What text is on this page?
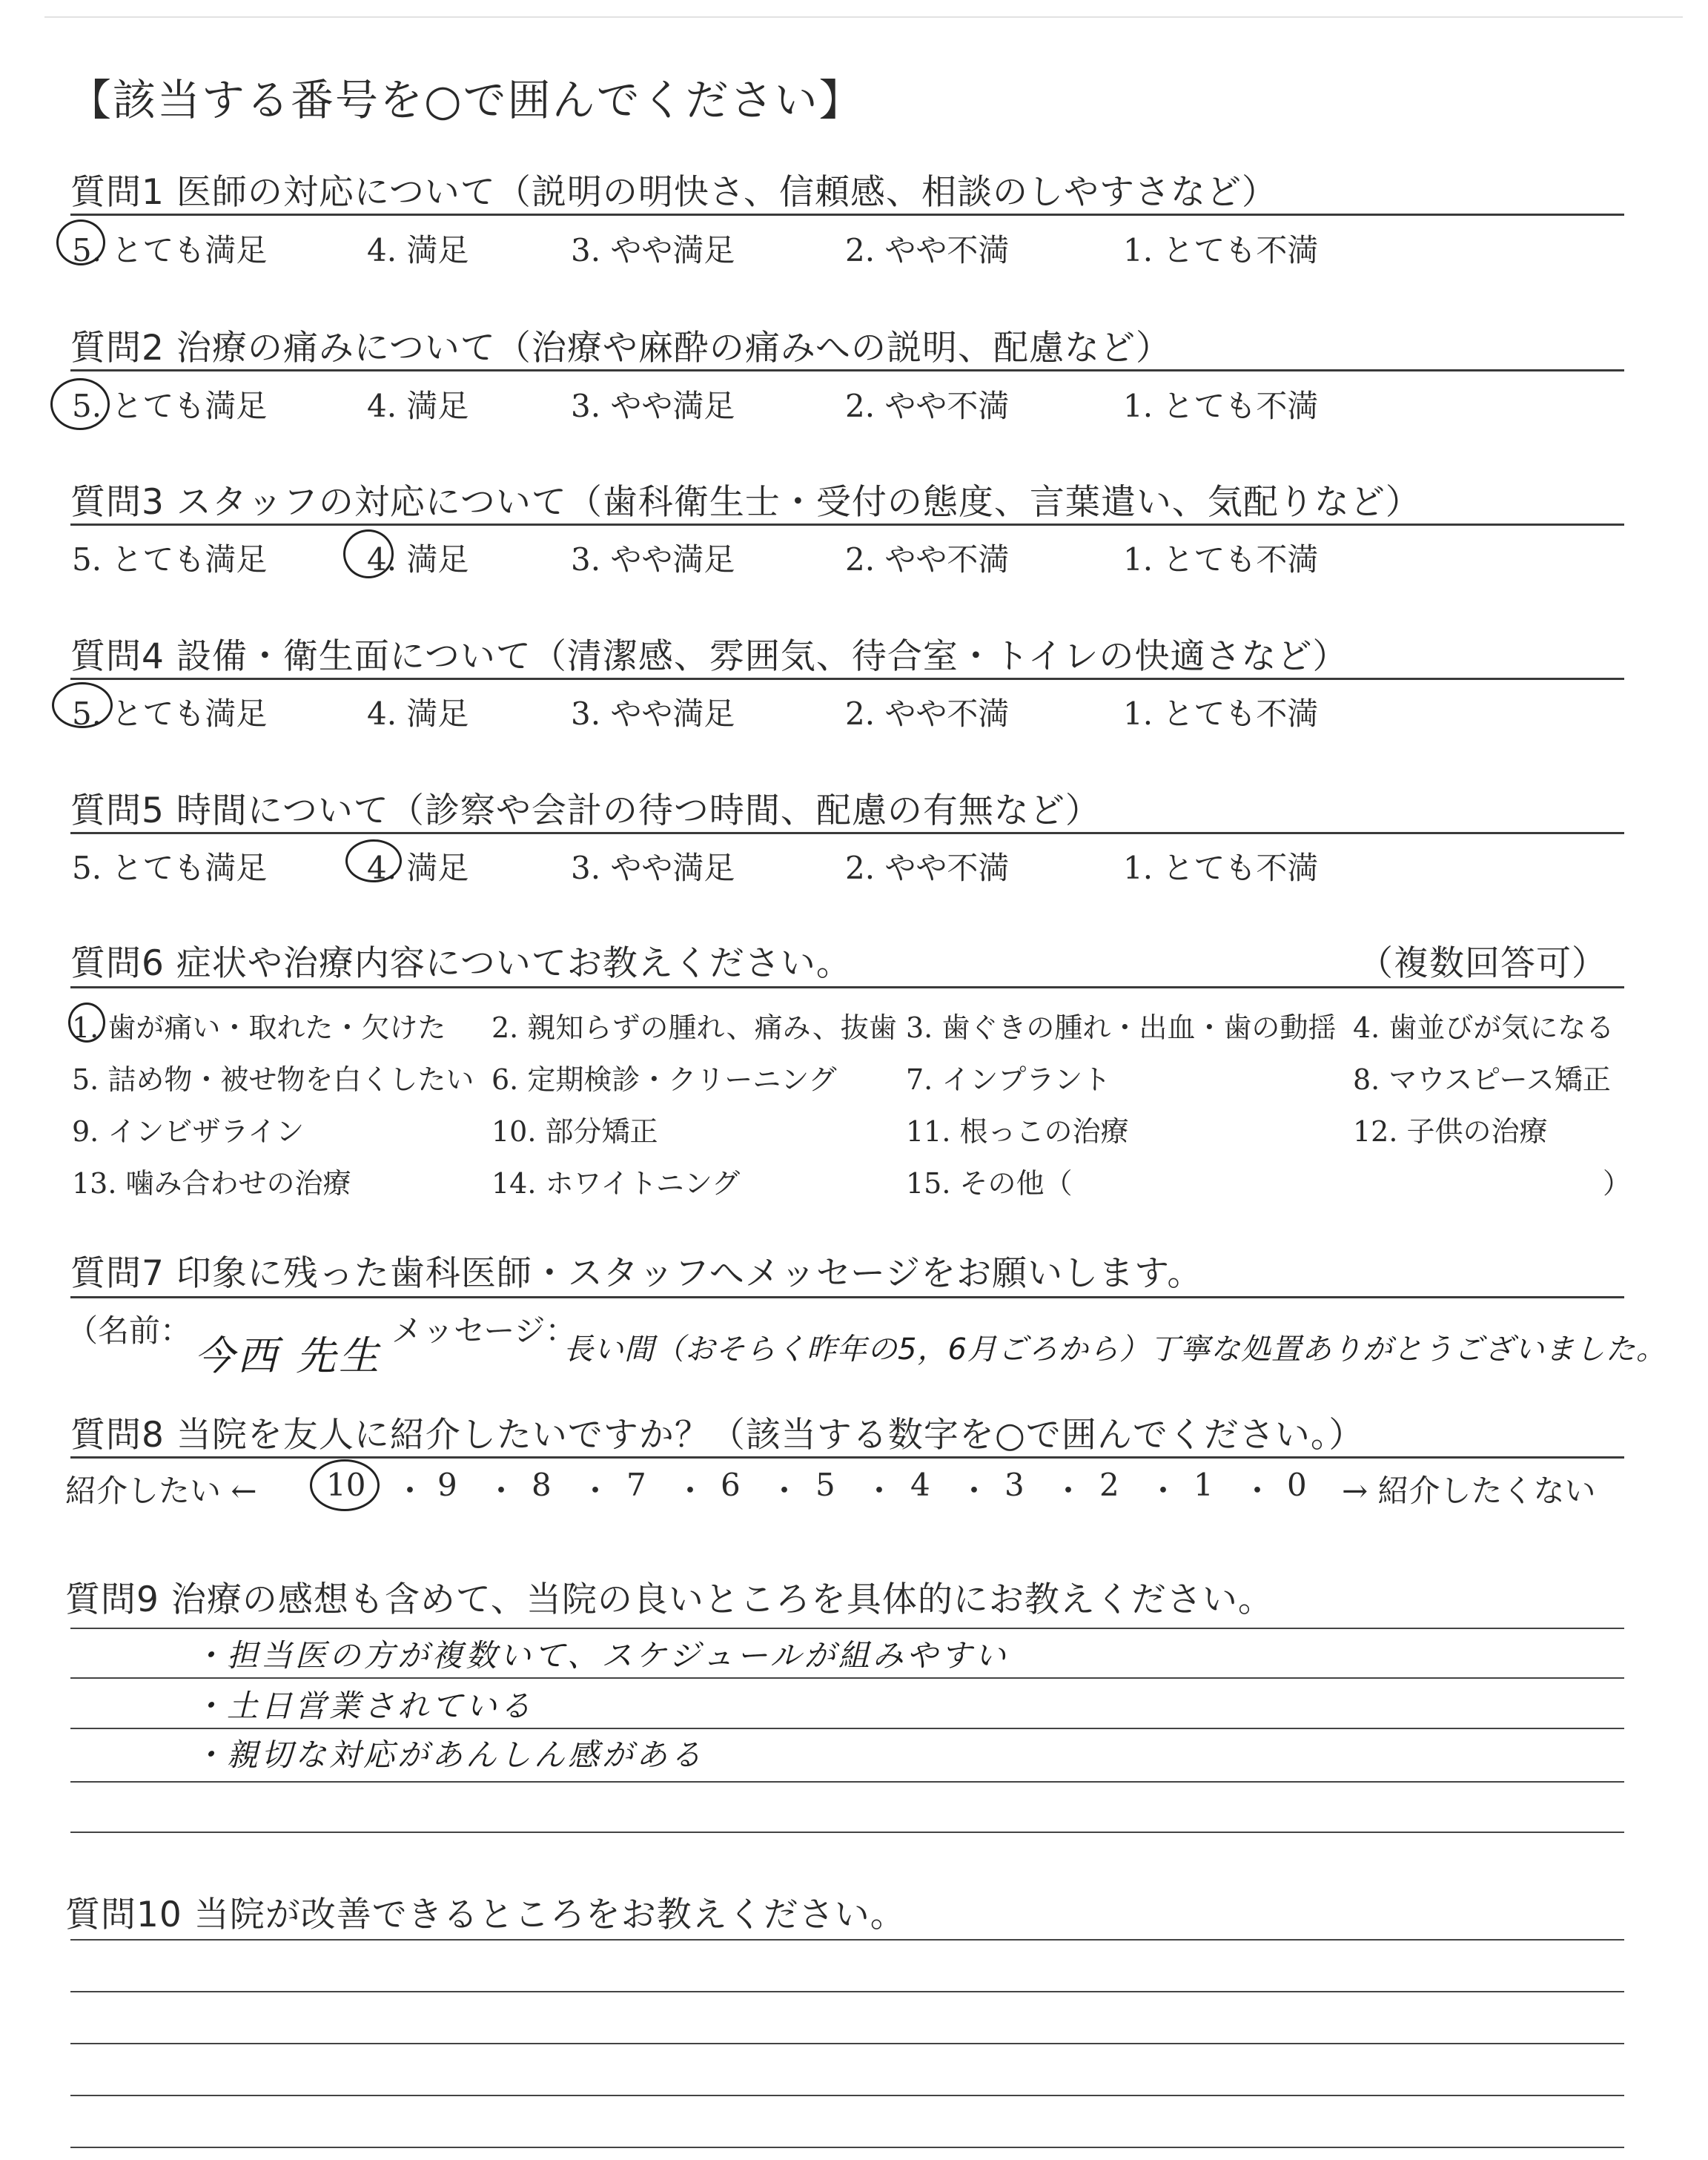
【該当する番号を○で囲んでください】
質問1 医師の対応について（説明の明快さ、信頼感、相談のしやすさなど）
5. とても満足	4. 満足	3. やや満足	2. やや不満	1. とても不満
質問2 治療の痛みについて（治療や麻酔の痛みへの説明、配慮など）
5. とても満足	4. 満足	3. やや満足	2. やや不満	1. とても不満
質問3 スタッフの対応について（歯科衛生士・受付の態度、言葉遣い、気配りなど）
5. とても満足	4. 満足	3. やや満足	2. やや不満	1. とても不満
質問4 設備・衛生面について（清潔感、雰囲気、待合室・トイレの快適さなど）
5. とても満足	4. 満足	3. やや満足	2. やや不満	1. とても不満
質問5 時間について（診察や会計の待つ時間、配慮の有無など）
5. とても満足	4. 満足	3. やや満足	2. やや不満	1. とても不満
質問6 症状や治療内容についてお教えください。	（複数回答可）
1. 歯が痛い・取れた・欠けた 2. 親知らずの腫れ、痛み、抜歯 3. 歯ぐきの腫れ・出血・歯の動揺 4. 歯並びが気になる
5. 詰め物・被せ物を白くしたい 6. 定期検診・クリーニング 7. インプラント	8. マウスピース矯正
9. インビザライン	10. 部分矯正	11. 根っこの治療	12. 子供の治療
13. 噛み合わせの治療	14. ホワイトニング	15. その他（	）
質問7 印象に残った歯科医師・スタッフへメッセージをお願いします。
（名前：
今西 先生
メッセージ：
長い間（おそらく昨年の5，6月ごろから）丁寧な処置ありがとうございました。
質問8 当院を友人に紹介したいですか？（該当する数字を○で囲んでください。）
紹介したい ← 10 ・ 9 ・ 8 ・ 7 ・ 6 ・ 5 ・ 4 ・ 3 ・ 2 ・ 1 ・ 0 → 紹介したくない
質問9 治療の感想も含めて、当院の良いところを具体的にお教えください。
・担当医の方が複数いて、スケジュールが組みやすい
・土日営業されている
・親切な対応があんしん感がある
質問10 当院が改善できるところをお教えください。
